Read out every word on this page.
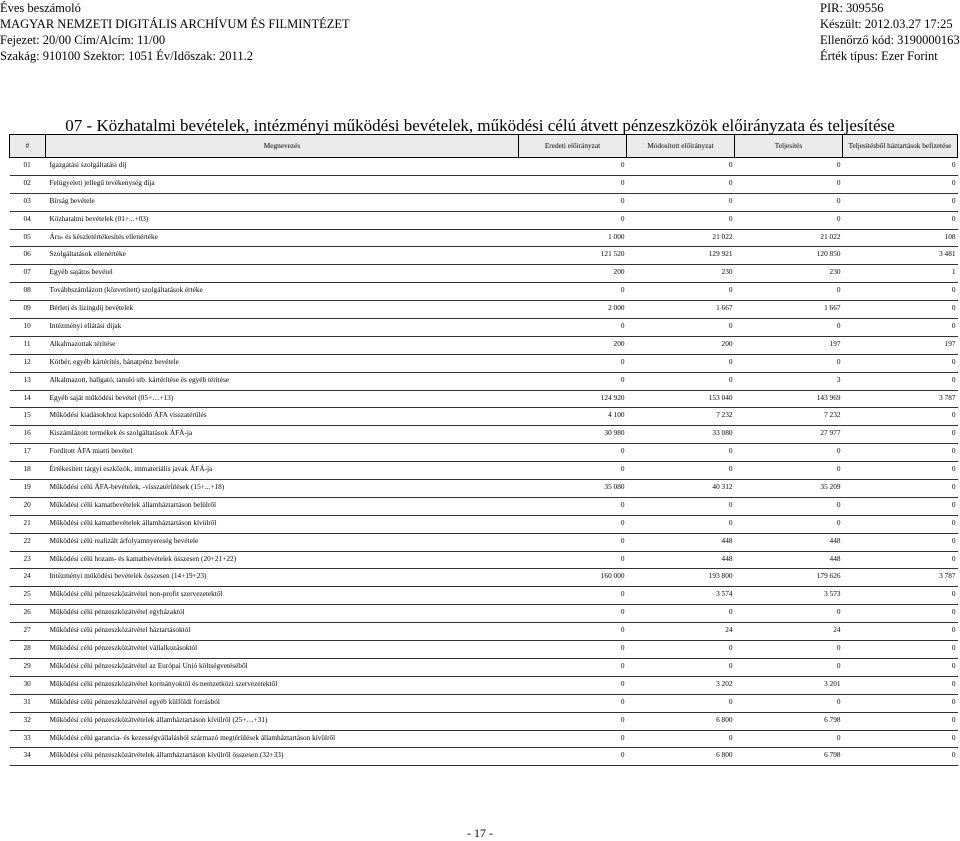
Éves beszámoló
MAGYAR NEMZETI DIGITÁLIS ARCHÍVUM ÉS FILMINTÉZET
Fejezet: 20/00 Cím/Alcím: 11/00
Szakág: 910100 Szektor: 1051 Év/Időszak: 2011.2
PIR: 309556
Készült: 2012.03.27 17:25
Ellenőrző kód: 3190000163
Érték típus: Ezer Forint
07 - Közhatalmi bevételek, intézményi működési bevételek, működési célú átvett pénzeszközök előirányzata és teljesítése
#	Megnevezés	Eredeti előirányzat	Módosított előirányzat	Teljesítés	Teljesítésből háztartások befizetése
01	Igazgatási szolgáltatási díj	0	0	0	0
02	Felügyeleti jellegű tevékenység díja	0	0	0	0
03	Bírság bevétele	0	0	0	0
04	Közhatalmi bevételek (01+...+03)	0	0	0	0
05	Áru- és készletértékesítés ellenértéke	1 000	21 022	21 022	108
06	Szolgáltatások ellenértéke	121 520	129 921	120 850	3 481
07	Egyéb sajátos bevétel	200	230	230	1
08	Továbbszámlázott (közvetített) szolgáltatások értéke	0	0	0	0
09	Bérleti és lízingdíj bevételek	2 000	1 667	1 667	0
10	Intézményi ellátási díjak	0	0	0	0
11	Alkalmazottak térítése	200	200	197	197
12	Kötbér, egyéb kártérítés, bánatpénz bevétele	0	0	0	0
13	Alkalmazott, hallgató, tanuló stb. kártérítése és egyéb térítése	0	0	3	0
14	Egyéb saját működési bevétel (05+…+13)	124 920	153 040	143 969	3 787
15	Működési kiadásokhoz kapcsolódó ÁFA visszatérülés	4 100	7 232	7 232	0
16	Kiszámlázott termékek és szolgáltatások ÁFÁ-ja	30 980	33 080	27 977	0
17	Fordított ÁFA miatti bevétel	0	0	0	0
18	Értékesített tárgyi eszközök, immateriális javak ÁFÁ-ja	0	0	0	0
19	Működési célú ÁFA-bevételek, -visszatérülések (15+...+18)	35 080	40 312	35 209	0
20	Működési célú kamatbevételek államháztartáson belülről	0	0	0	0
21	Működési célú kamatbevételek államháztartáson kívülről	0	0	0	0
22	Működési célú realizált árfolyamnyereség bevétele	0	448	448	0
23	Működési célú hozam- és kamatbevételek összesen (20+21+22)	0	448	448	0
24	Intézményi működési bevételek összesen (14+19+23)	160 000	193 800	179 626	3 787
25	Működési célú pénzeszközátvétel non-profit szervezetektől	0	3 574	3 573	0
26	Működési célú pénzeszközátvétel egyházaktól	0	0	0	0
27	Működési célú pénzeszközátvétel háztartásoktól	0	24	24	0
28	Működési célú pénzeszközátvétel vállalkozásoktól	0	0	0	0
29	Működési célú pénzeszközátvétel az Európai Unió költségvetéséből	0	0	0	0
30	Működési célú pénzeszközátvétel kormányoktól és nemzetközi szervezetektől	0	3 202	3 201	0
31	Működési célú pénzeszközátvétel egyéb külföldi forrásból	0	0	0	0
32	Működési célú pénzeszközátvételek államháztartáson kívülről (25+…+31)	0	6 800	6 798	0
33	Működési célú garancia- és kezességvállalásból származó megtérülések államháztartáson kívülről	0	0	0	0
34	Működési célú pénzeszközátvételek államháztartáson kívülről összesen (32+33)	0	6 800	6 798	0
- 17 -
